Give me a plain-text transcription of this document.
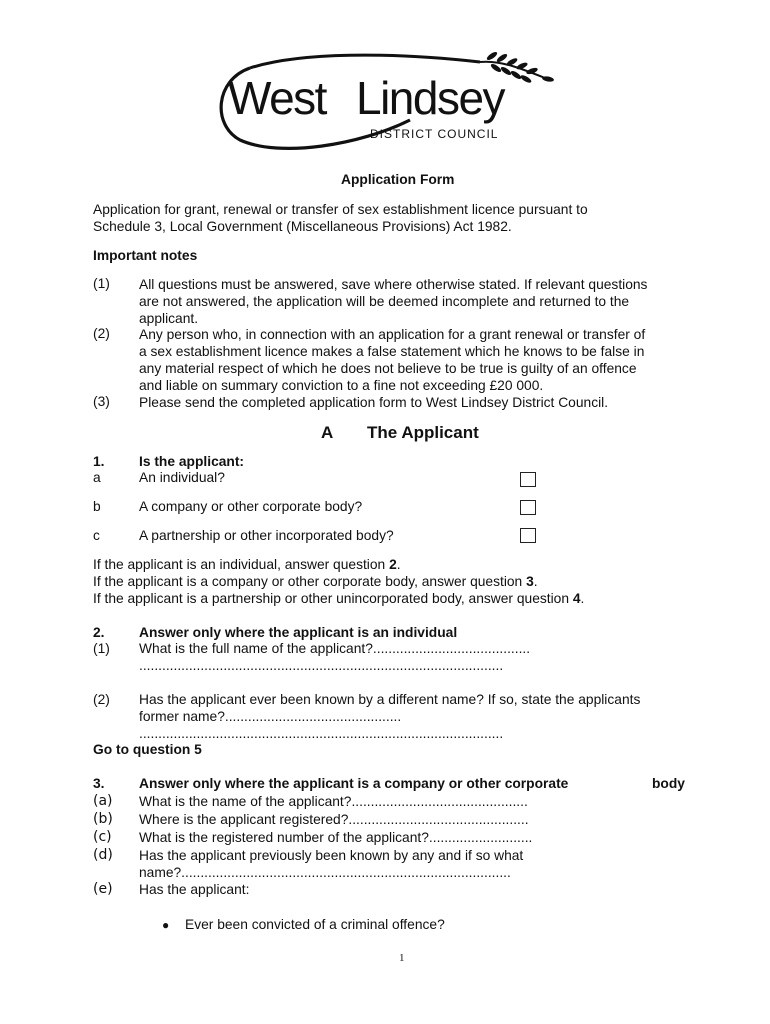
West Lindsey
DISTRICT COUNCIL
Application Form
Application for grant, renewal or transfer of sex establishment licence pursuant to
Schedule 3, Local Government (Miscellaneous Provisions) Act 1982.
Important notes
(1) All questions must be answered, save where otherwise stated. If relevant questions
are not answered, the application will be deemed incomplete and returned to the
applicant.
(2) Any person who, in connection with an application for a grant renewal or transfer of
a sex establishment licence makes a false statement which he knows to be false in
any material respect of which he does not believe to be true is guilty of an offence
and liable on summary conviction to a fine not exceeding £20 000.
(3) Please send the completed application form to West Lindsey District Council.
A The Applicant
1. Is the applicant:
a	An individual?
b	A company or other corporate body?
c	A partnership or other incorporated body?
If the applicant is an individual, answer question 2.
If the applicant is a company or other corporate body, answer question 3.
If the applicant is a partnership or other unincorporated body, answer question 4.
2. Answer only where the applicant is an individual
(1) What is the full name of the applicant?.........................................
...............................................................................................
(2) Has the applicant ever been known by a different name? If so, state the applicants
former name?..............................................
...............................................................................................
Go to question 5
3. Answer only where the applicant is a company or other corporate	body
(a) What is the name of the applicant?..............................................
(b) Where is the applicant registered?...............................................
(c) What is the registered number of the applicant?...........................
(d) Has the applicant previously been known by any and if so what
name?......................................................................................
(e) Has the applicant:
● Ever been convicted of a criminal offence?
1
